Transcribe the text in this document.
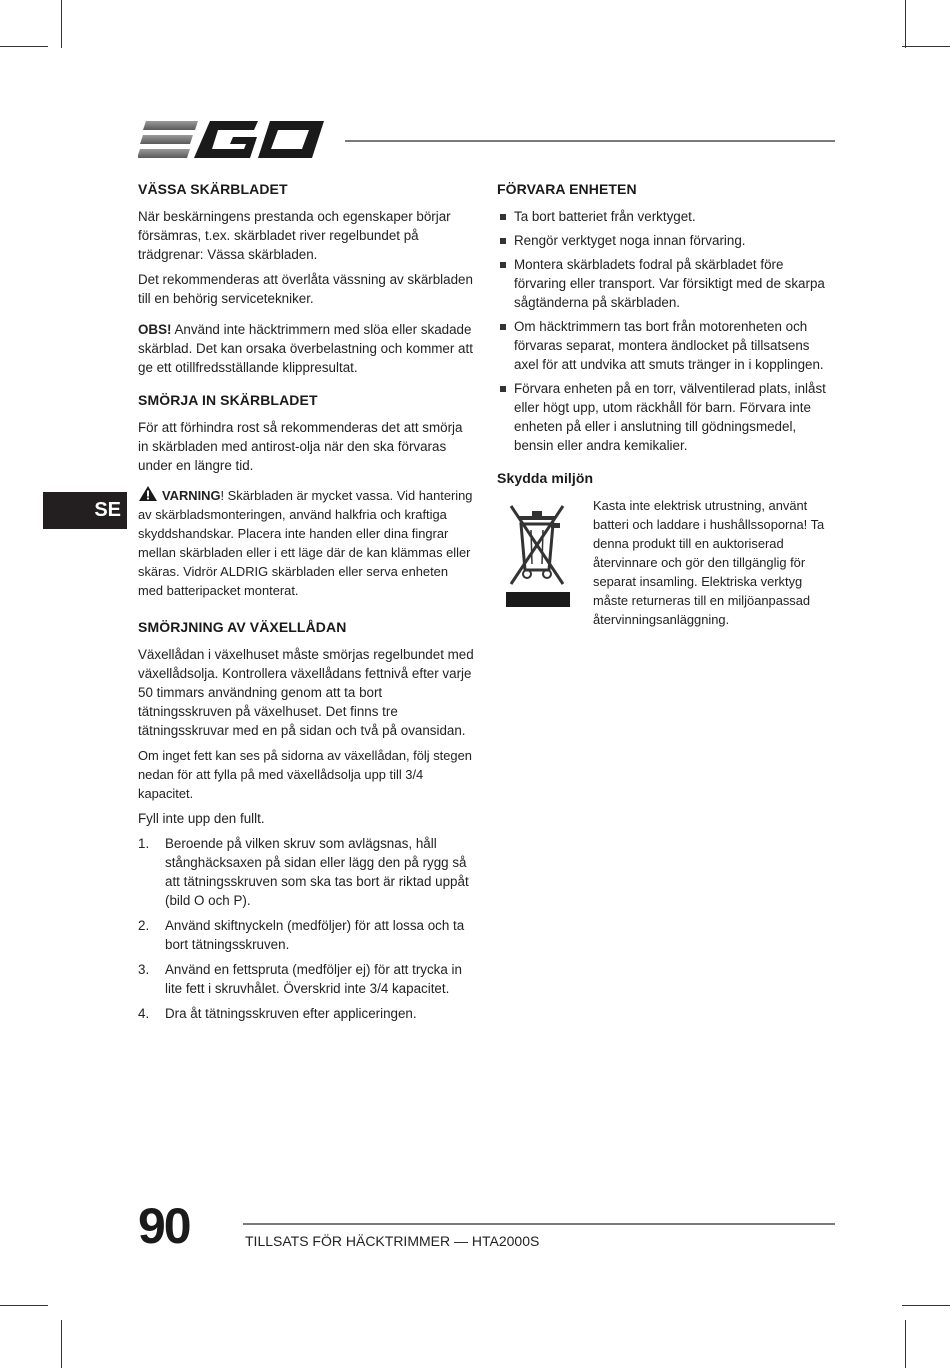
SE
VÄSSA SKÄRBLADET

När beskärningens prestanda och egenskaper börjar försämras, t.ex. skärbladet river regelbundet på trädgrenar: Vässa skärbladen.

Det rekommenderas att överlåta vässning av skärbladen till en behörig servicetekniker.

OBS! Använd inte häcktrimmern med slöa eller skadade skärblad. Det kan orsaka överbelastning och kommer att ge ett otillfredsställande klippresultat.

SMÖRJA IN SKÄRBLADET

För att förhindra rost så rekommenderas det att smörja in skärbladen med antirost-olja när den ska förvaras under en längre tid.

VARNING! Skärbladen är mycket vassa. Vid hantering av skärbladsmonteringen, använd halkfria och kraftiga skyddshandskar. Placera inte handen eller dina fingrar mellan skärbladen eller i ett läge där de kan klämmas eller skäras. Vidrör ALDRIG skärbladen eller serva enheten med batteripacket monterat.

SMÖRJNING AV VÄXELLÅDAN

Växellådan i växelhuset måste smörjas regelbundet med växellådsolja. Kontrollera växellådans fettnivå efter varje 50 timmars användning genom att ta bort tätningsskruven på växelhuset. Det finns tre tätningsskruvar med en på sidan och två på ovansidan.

Om inget fett kan ses på sidorna av växellådan, följ stegen nedan för att fylla på med växellådsolja upp till 3/4 kapacitet.

Fyll inte upp den fullt.

1. Beroende på vilken skruv som avlägsnas, håll stånghäcksaxen på sidan eller lägg den på rygg så att tätningsskruven som ska tas bort är riktad uppåt (bild O och P).
2. Använd skiftnyckeln (medföljer) för att lossa och ta bort tätningsskruven.
3. Använd en fettspruta (medföljer ej) för att trycka in lite fett i skruvhålet. Överskrid inte 3/4 kapacitet.
4. Dra åt tätningsskruven efter appliceringen.
FÖRVARA ENHETEN
Ta bort batteriet från verktyget.
Rengör verktyget noga innan förvaring.
Montera skärbladets fodral på skärbladet före förvaring eller transport. Var försiktigt med de skarpa sågtänderna på skärbladen.
Om häcktrimmern tas bort från motorenheten och förvaras separat, montera ändlocket på tillsatsens axel för att undvika att smuts tränger in i kopplingen.
Förvara enheten på en torr, välventilerad plats, inlåst eller högt upp, utom räckhåll för barn. Förvara inte enheten på eller i anslutning till gödningsmedel, bensin eller andra kemikalier.
Skydda miljön
Kasta inte elektrisk utrustning, använt batteri och laddare i hushållssoporna! Ta denna produkt till en auktoriserad återvinnare och gör den tillgänglig för separat insamling. Elektriska verktyg måste returneras till en miljöanpassad återvinningsanläggning.
90	TILLSATS FÖR HÄCKTRIMMER — HTA2000S
